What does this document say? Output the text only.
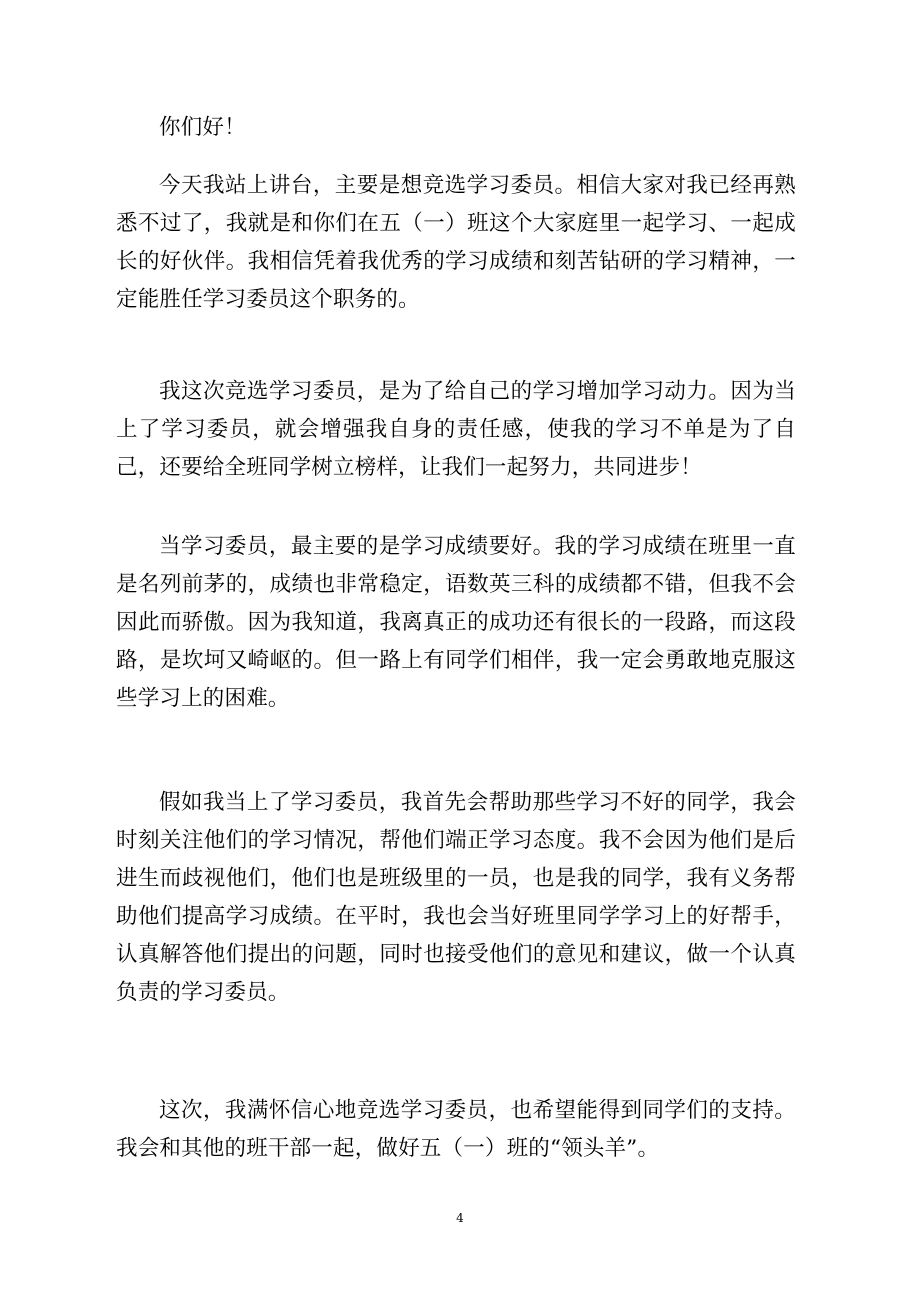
你们好！

今天我站上讲台，主要是想竞选学习委员。相信大家对我已经再熟悉不过了，我就是和你们在五（一）班这个大家庭里一起学习、一起成长的好伙伴。我相信凭着我优秀的学习成绩和刻苦钻研的学习精神，一定能胜任学习委员这个职务的。

我这次竞选学习委员，是为了给自己的学习增加学习动力。因为当上了学习委员，就会增强我自身的责任感，使我的学习不单是为了自己，还要给全班同学树立榜样，让我们一起努力，共同进步！

当学习委员，最主要的是学习成绩要好。我的学习成绩在班里一直是名列前茅的，成绩也非常稳定，语数英三科的成绩都不错，但我不会因此而骄傲。因为我知道，我离真正的成功还有很长的一段路，而这段路，是坎坷又崎岖的。但一路上有同学们相伴，我一定会勇敢地克服这些学习上的困难。

假如我当上了学习委员，我首先会帮助那些学习不好的同学，我会时刻关注他们的学习情况，帮他们端正学习态度。我不会因为他们是后进生而歧视他们，他们也是班级里的一员，也是我的同学，我有义务帮助他们提高学习成绩。在平时，我也会当好班里同学学习上的好帮手，认真解答他们提出的问题，同时也接受他们的意见和建议，做一个认真负责的学习委员。

这次，我满怀信心地竞选学习委员，也希望能得到同学们的支持。我会和其他的班干部一起，做好五（一）班的“领头羊”。

4
